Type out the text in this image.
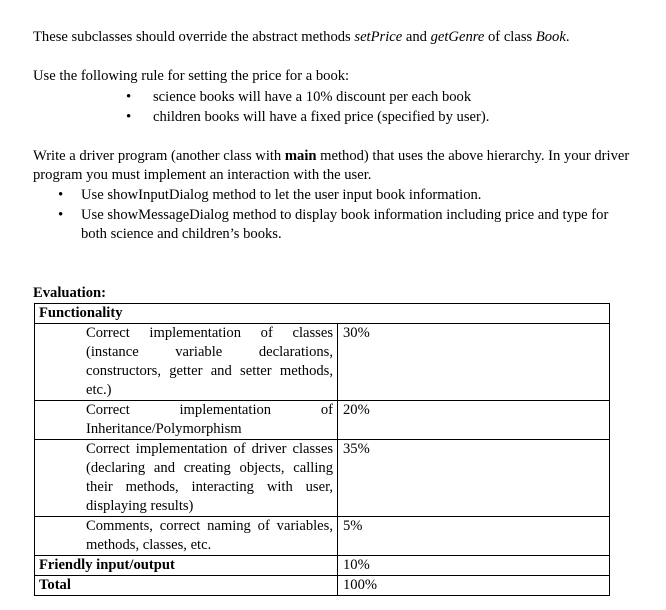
These subclasses should override the abstract methods setPrice and getGenre of class Book.

Use the following rule for setting the price for a book:

• science books will have a 10% discount per each book
• children books will have a fixed price (specified by user).

Write a driver program (another class with main method) that uses the above hierarchy. In your driver program you must implement an interaction with the user.

• Use showInputDialog method to let the user input book information.
• Use showMessageDialog method to display book information including price and type for both science and children’s books.
Evaluation:
Functionality	
Correct implementation of classes (instance variable declarations, constructors, getter and setter methods, etc.)	30%
Correct implementation of Inheritance/Polymorphism	20%
Correct implementation of driver classes (declaring and creating objects, calling their methods, interacting with user, displaying results)	35%
Comments, correct naming of variables, methods, classes, etc.	5%
Friendly input/output	10%
Total	100%
